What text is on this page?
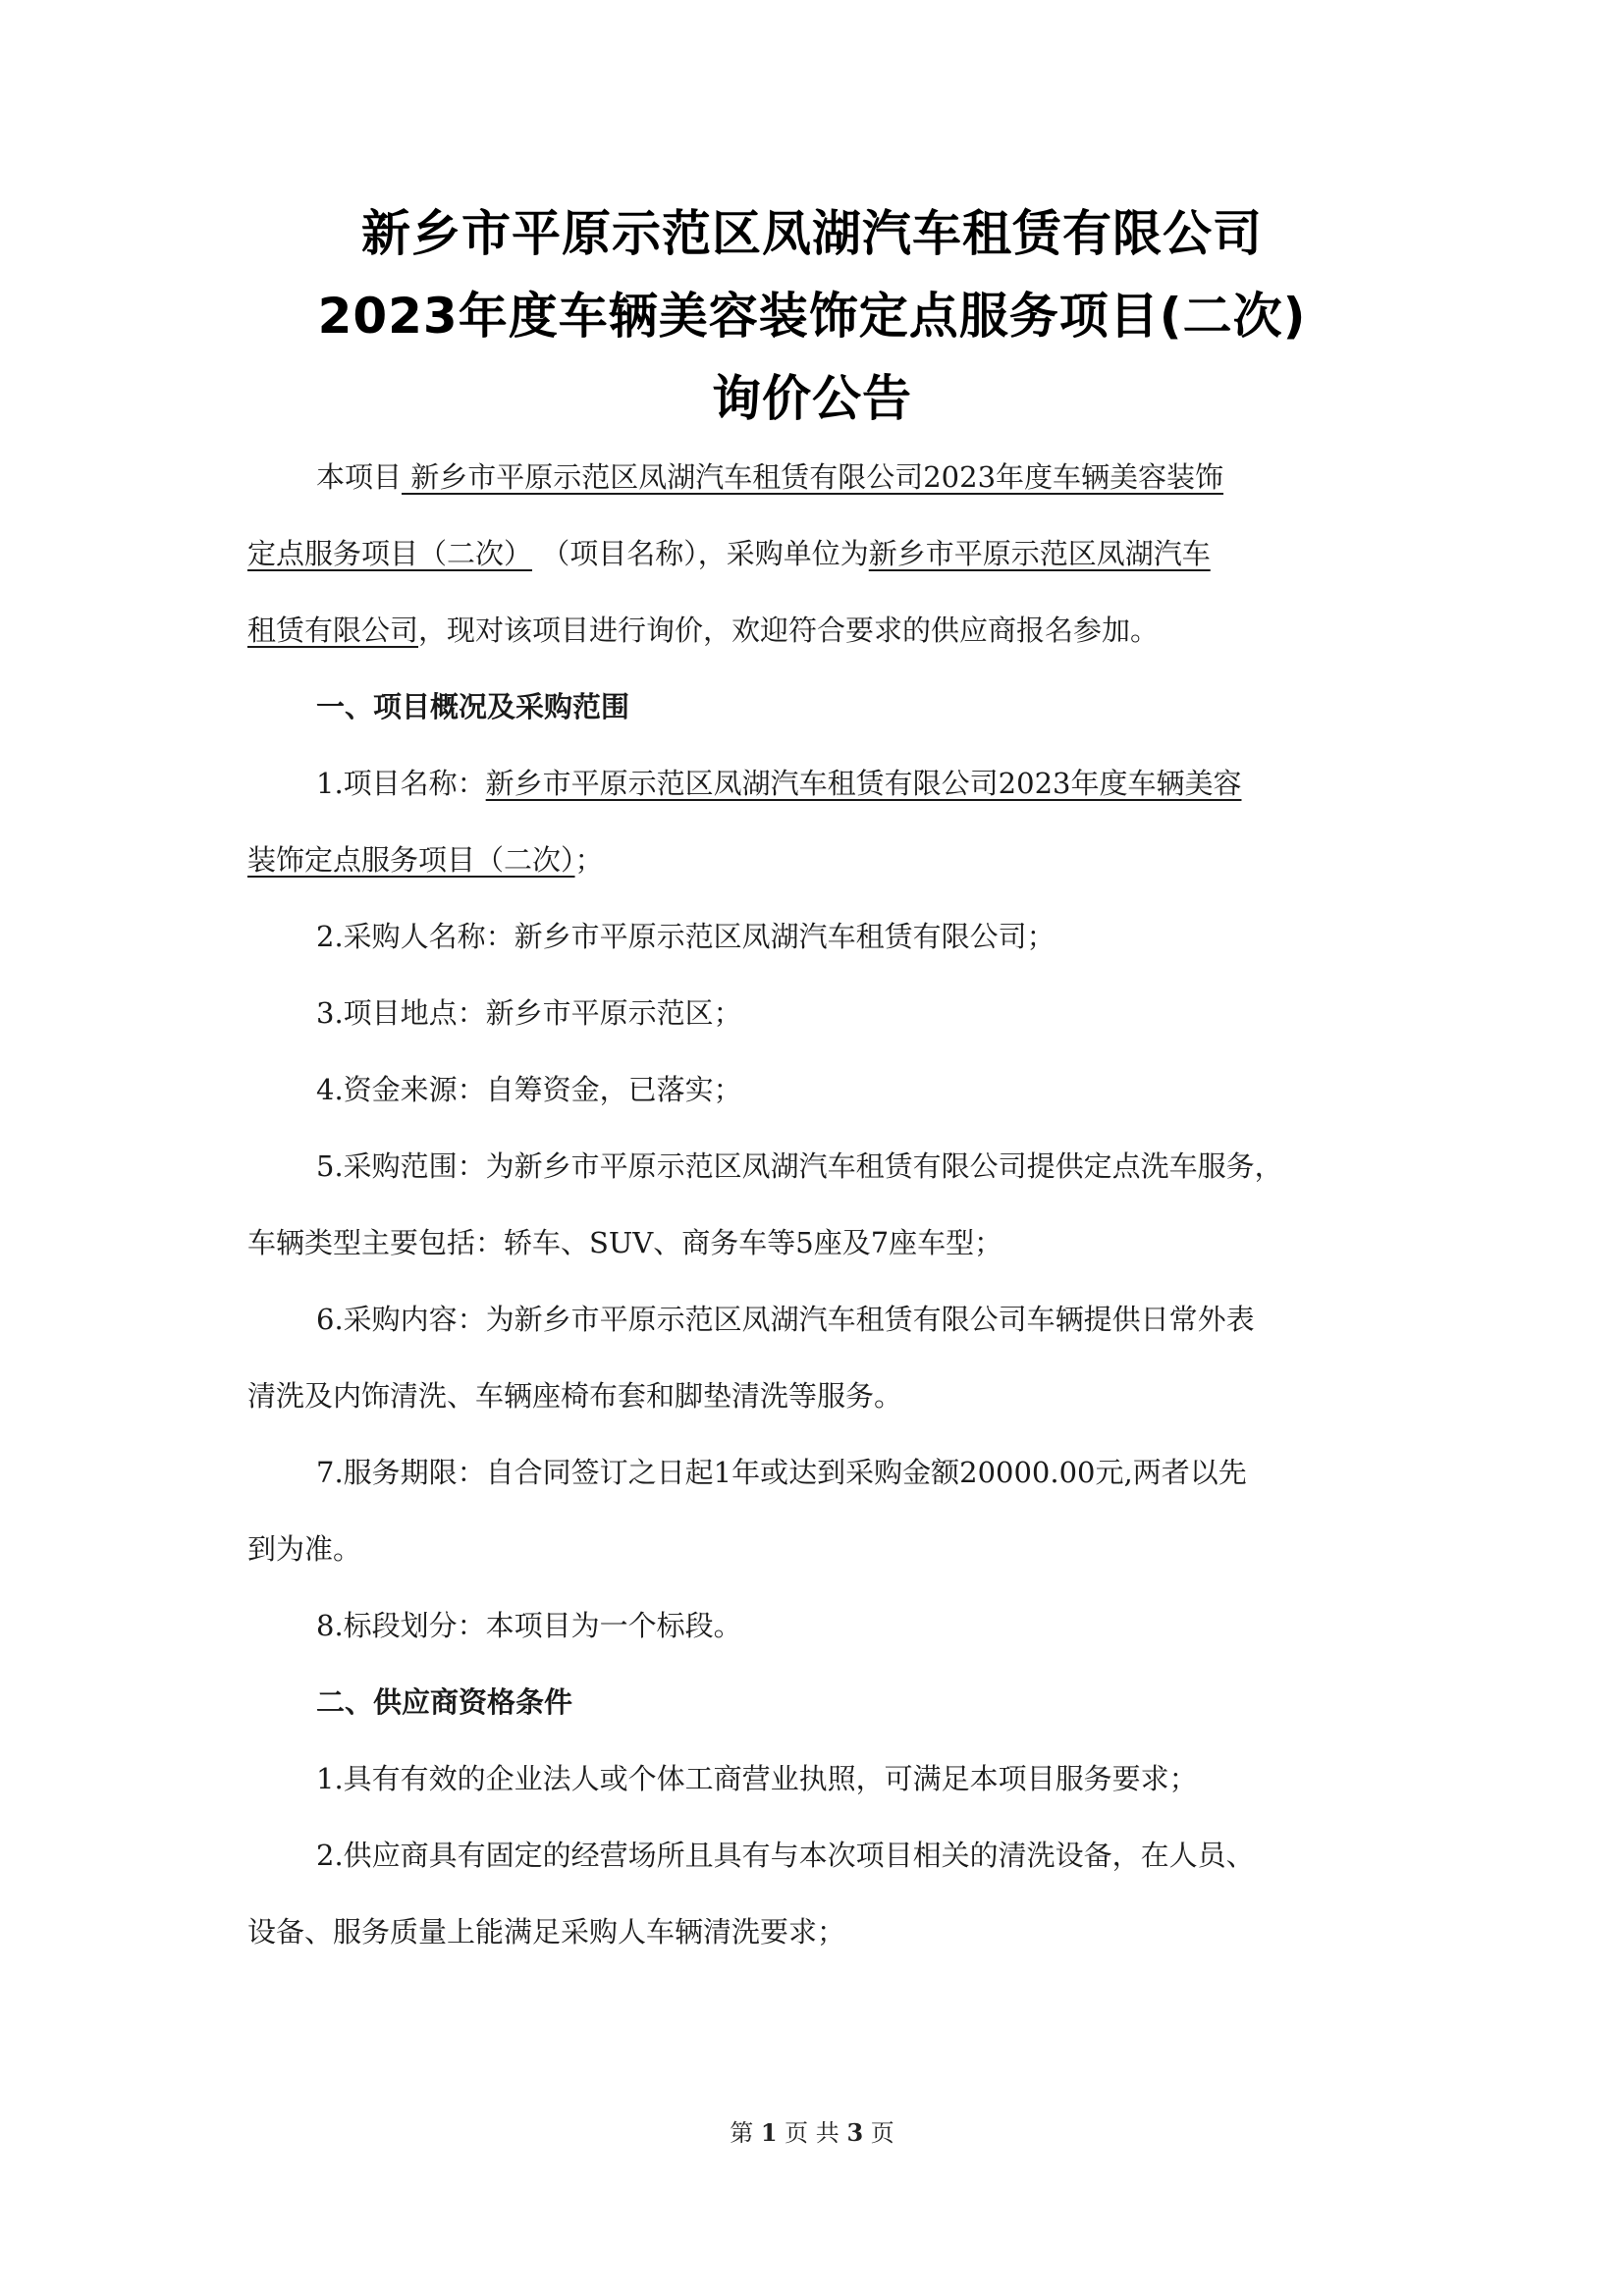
新乡市平原示范区凤湖汽车租赁有限公司
2023年度车辆美容装饰定点服务项目(二次)
询价公告
本项目 新乡市平原示范区凤湖汽车租赁有限公司2023年度车辆美容装饰
定点服务项目（二次） （项目名称），采购单位为新乡市平原示范区凤湖汽车
租赁有限公司，现对该项目进行询价，欢迎符合要求的供应商报名参加。
一、项目概况及采购范围
1.项目名称：新乡市平原示范区凤湖汽车租赁有限公司2023年度车辆美容
装饰定点服务项目（二次）；
2.采购人名称：新乡市平原示范区凤湖汽车租赁有限公司；
3.项目地点：新乡市平原示范区；
4.资金来源：自筹资金，已落实；
5.采购范围：为新乡市平原示范区凤湖汽车租赁有限公司提供定点洗车服务，
车辆类型主要包括：轿车、SUV、商务车等5座及7座车型；
6.采购内容：为新乡市平原示范区凤湖汽车租赁有限公司车辆提供日常外表
清洗及内饰清洗、车辆座椅布套和脚垫清洗等服务。
7.服务期限：自合同签订之日起1年或达到采购金额20000.00元,两者以先
到为准。
8.标段划分：本项目为一个标段。
二、供应商资格条件
1.具有有效的企业法人或个体工商营业执照，可满足本项目服务要求；
2.供应商具有固定的经营场所且具有与本次项目相关的清洗设备，在人员、
设备、服务质量上能满足采购人车辆清洗要求；
第 1 页 共 3 页
